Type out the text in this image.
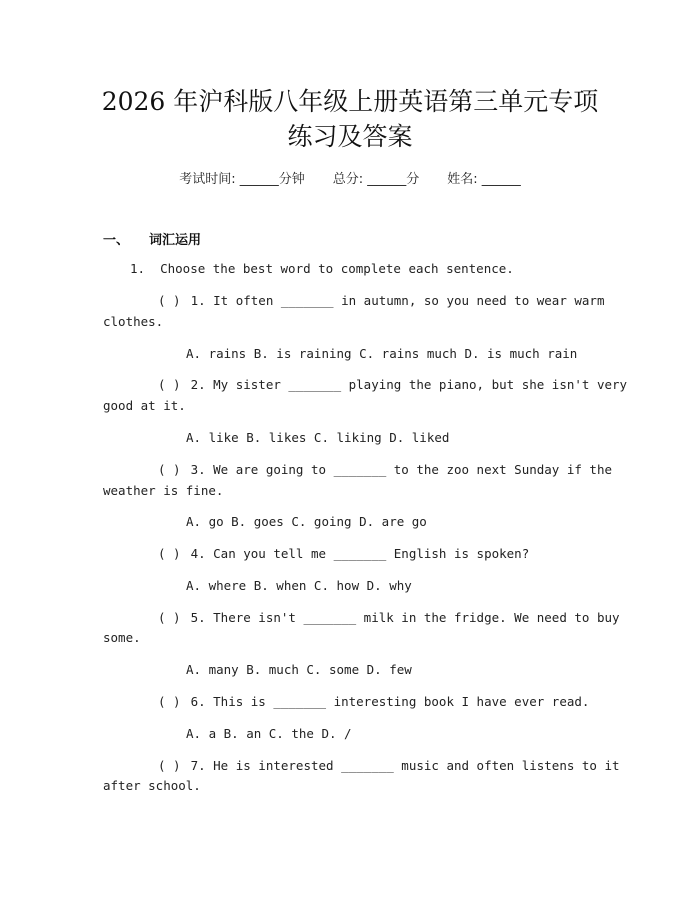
2026 年沪科版八年级上册英语第三单元专项
练习及答案
考试时间: ______分钟 总分: ______分 姓名: ______
一、 词汇运用
1.  Choose the best word to complete each sentence.
( ) 1. It often _______ in autumn, so you need to wear warm
clothes.
A. rains B. is raining C. rains much D. is much rain
( ) 2. My sister _______ playing the piano, but she isn't very
good at it.
A. like B. likes C. liking D. liked
( ) 3. We are going to _______ to the zoo next Sunday if the
weather is fine.
A. go B. goes C. going D. are go
( ) 4. Can you tell me _______ English is spoken?
A. where B. when C. how D. why
( ) 5. There isn't _______ milk in the fridge. We need to buy
some.
A. many B. much C. some D. few
( ) 6. This is _______ interesting book I have ever read.
A. a B. an C. the D. /
( ) 7. He is interested _______ music and often listens to it
after school.
